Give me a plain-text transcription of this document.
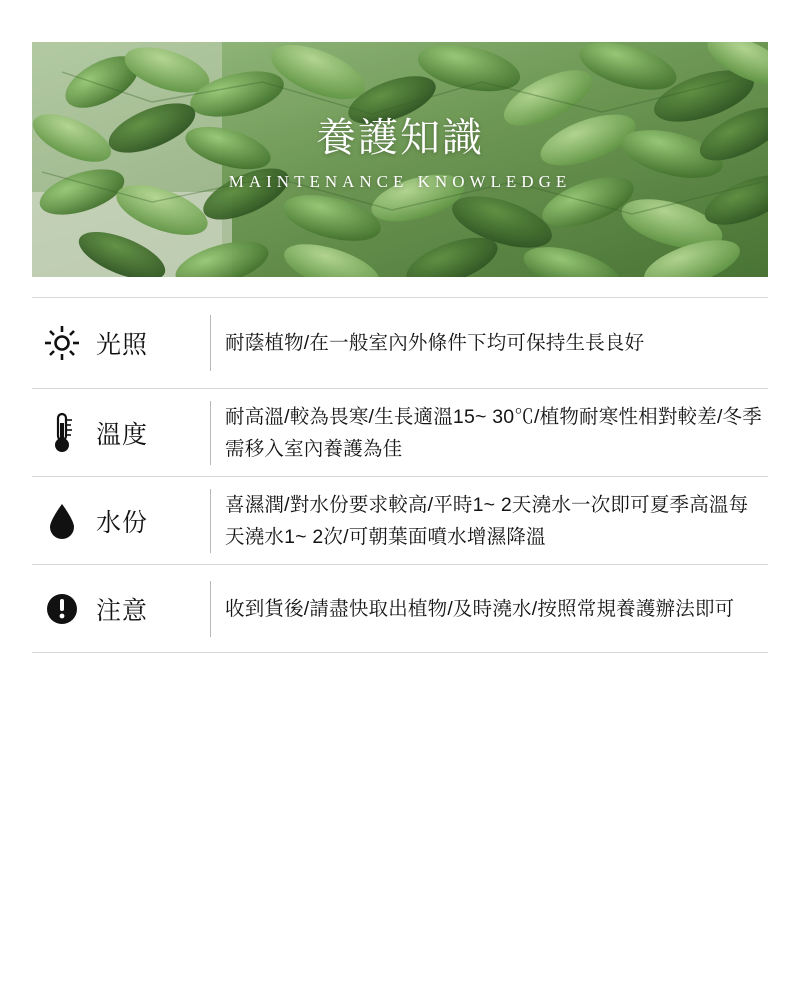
養護知識
MAINTENANCE KNOWLEDGE
光照	耐蔭植物/在一般室內外條件下均可保持生長良好

溫度

耐高溫/較為畏寒/生長適溫15~ 30℃/植物耐寒性相對較差/冬季需移入室內養護為佳

水份

喜濕潤/對水份要求較高/平時1~ 2天澆水一次即可夏季高溫每天澆水1~ 2次/可朝葉面噴水增濕降溫

注意	收到貨後/請盡快取出植物/及時澆水/按照常規養護辦法即可
